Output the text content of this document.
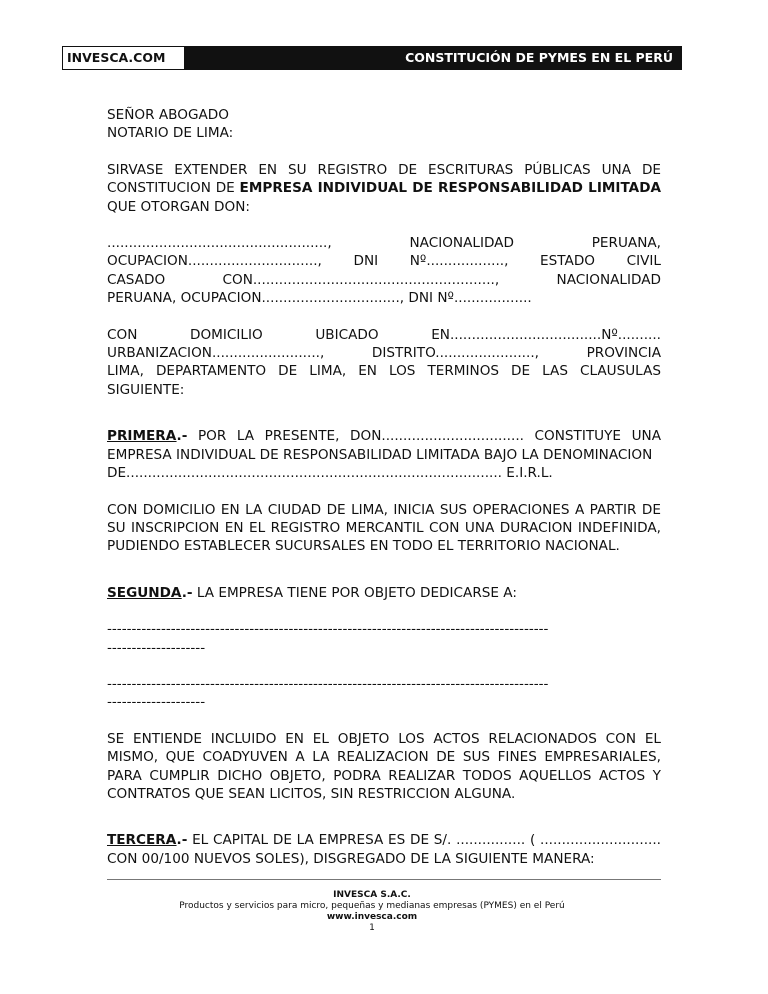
INVESCA.COM	CONSTITUCIÓN DE PYMES EN EL PERÚ

SEÑOR ABOGADO

NOTARIO DE LIMA:

SIRVASE EXTENDER EN SU REGISTRO DE ESCRITURAS PÚBLICAS UNA DE CONSTITUCION DE EMPRESA INDIVIDUAL DE RESPONSABILIDAD LIMITADA QUE OTORGAN DON:

..................................................., NACIONALIDAD PERUANA,

OCUPACION.............................., DNI Nº.................., ESTADO CIVIL

CASADO CON........................................................, NACIONALIDAD

PERUANA, OCUPACION................................, DNI Nº..................

CON DOMICILIO UBICADO EN...................................Nº..........

URBANIZACION........................., DISTRITO......................., PROVINCIA

LIMA, DEPARTAMENTO DE LIMA, EN LOS TERMINOS DE LAS CLAUSULAS SIGUIENTE:

PRIMERA.- POR LA PRESENTE, DON................................. CONSTITUYE UNA EMPRESA INDIVIDUAL DE RESPONSABILIDAD LIMITADA BAJO LA DENOMINACION

DE....................................................................................... E.I.R.L.

CON DOMICILIO EN LA CIUDAD DE LIMA, INICIA SUS OPERACIONES A PARTIR DE SU INSCRIPCION EN EL REGISTRO MERCANTIL CON UNA DURACION INDEFINIDA, PUDIENDO ESTABLECER SUCURSALES EN TODO EL TERRITORIO NACIONAL.

SEGUNDA.- LA EMPRESA TIENE POR OBJETO DEDICARSE A:

------------------------------------------------------------------------------------------

--------------------

------------------------------------------------------------------------------------------

--------------------

SE ENTIENDE INCLUIDO EN EL OBJETO LOS ACTOS RELACIONADOS CON EL MISMO, QUE COADYUVEN A LA REALIZACION DE SUS FINES EMPRESARIALES, PARA CUMPLIR DICHO OBJETO, PODRA REALIZAR TODOS AQUELLOS ACTOS Y CONTRATOS QUE SEAN LICITOS, SIN RESTRICCION ALGUNA.

TERCERA.- EL CAPITAL DE LA EMPRESA ES DE S/. ................ ( ............................ CON 00/100 NUEVOS SOLES), DISGREGADO DE LA SIGUIENTE MANERA:

INVESCA S.A.C.
Productos y servicios para micro, pequeñas y medianas empresas (PYMES) en el Perú
www.invesca.com
1
